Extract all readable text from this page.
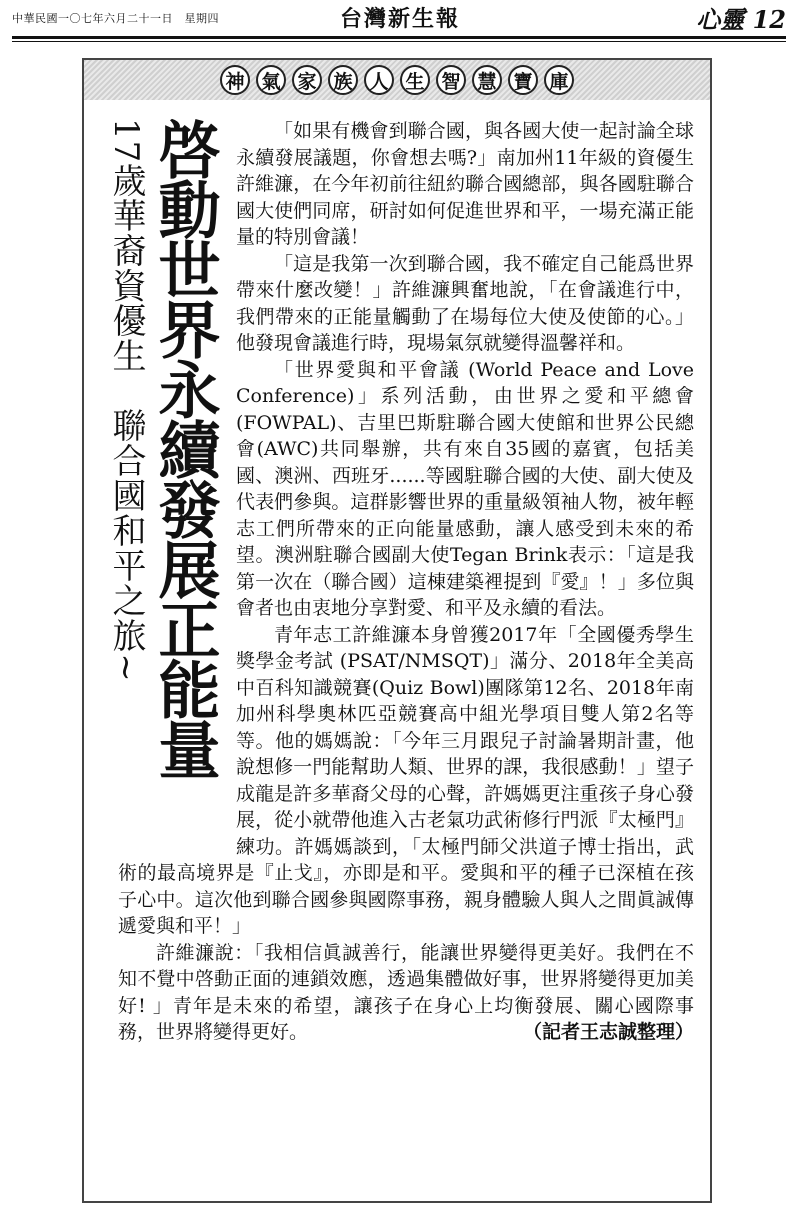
中華民國一〇七年六月二十一日　星期四	台灣新生報	心靈 12
神 氣 家 族 人 生 智 慧 寶 庫
17歲華裔資優生　聯合國和平之旅~ 啓動世界永續發展正能量	「如果有機會到聯合國，與各國大使一起討論全球永續發展議題，你會想去嗎?」南加州11年級的資優生許維濂，在今年初前往紐約聯合國總部，與各國駐聯合國大使們同席，研討如何促進世界和平，一場充滿正能量的特別會議！

「這是我第一次到聯合國，我不確定自己能爲世界帶來什麼改變！」許維濂興奮地說，「在會議進行中，我們帶來的正能量觸動了在場每位大使及使節的心。」他發現會議進行時，現場氣氛就變得溫馨祥和。

「世界愛與和平會議 (World Peace and Love Conference)」系列活動，由世界之愛和平總會(FOWPAL)、吉里巴斯駐聯合國大使館和世界公民總會(AWC)共同舉辦，共有來自35國的嘉賓，包括美國、澳洲、西班牙......等國駐聯合國的大使、副大使及代表們參與。這群影響世界的重量級領袖人物，被年輕志工們所帶來的正向能量感動，讓人感受到未來的希望。澳洲駐聯合國副大使Tegan Brink表示：「這是我第一次在（聯合國）這棟建築裡提到『愛』！」多位與會者也由衷地分享對愛、和平及永續的看法。

青年志工許維濂本身曾獲2017年「全國優秀學生獎學金考試 (PSAT/NMSQT)」滿分、2018年全美高中百科知識競賽(Quiz Bowl)團隊第12名、2018年南加州科學奧林匹亞競賽高中組光學項目雙人第2名等等。他的媽媽說：「今年三月跟兒子討論暑期計畫，他說想修一門能幫助人類、世界的課，我很感動！」望子成龍是許多華裔父母的心聲，許媽媽更注重孩子身心發展，從小就帶他進入古老氣功武術修行門派『太極門』練功。許媽媽談到，「太極門師父洪道子博士指出，武術的最高境界是『止戈』，亦即是和平。愛與和平的種子已深植在孩子心中。這次他到聯合國參與國際事務，親身體驗人與人之間眞誠傳遞愛與和平！」

許維濂說：「我相信眞誠善行，能讓世界變得更美好。我們在不知不覺中啓動正面的連鎖效應，透過集體做好事，世界將變得更加美好! 」青年是未來的希望，讓孩子在身心上均衡發展、關心國際事務，世界將變得更好。	（記者王志誠整理）
